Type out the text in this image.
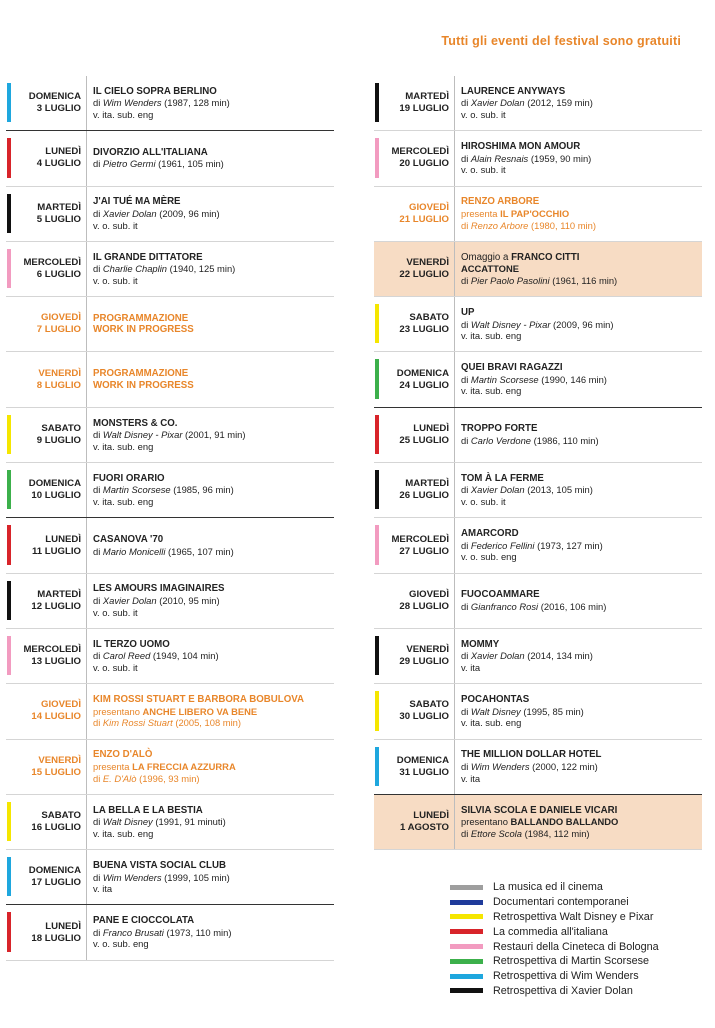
Tutti gli eventi del festival sono gratuiti
DOMENICA
3 LUGLIO
IL CIELO SOPRA BERLINO
di Wim Wenders (1987, 128 min)
v. ita. sub. eng
LUNEDÌ
4 LUGLIO
DIVORZIO ALL'ITALIANA
di Pietro Germi (1961, 105 min)
MARTEDÌ
5 LUGLIO
J'AI TUÉ MA MÈRE
di Xavier Dolan (2009, 96 min)
v. o. sub. it
MERCOLEDÌ
6 LUGLIO
IL GRANDE DITTATORE
di Charlie Chaplin (1940, 125 min)
v. o. sub. it
GIOVEDÌ
7 LUGLIO
PROGRAMMAZIONE
WORK IN PROGRESS
VENERDÌ
8 LUGLIO
PROGRAMMAZIONE
WORK IN PROGRESS
SABATO
9 LUGLIO
MONSTERS & CO.
di Walt Disney - Pixar (2001, 91 min)
v. ita. sub. eng
DOMENICA
10 LUGLIO
FUORI ORARIO
di Martin Scorsese (1985, 96 min)
v. ita. sub. eng
LUNEDÌ
11 LUGLIO
CASANOVA '70
di Mario Monicelli (1965, 107 min)
MARTEDÌ
12 LUGLIO
LES AMOURS IMAGINAIRES
di Xavier Dolan (2010, 95 min)
v. o. sub. it
MERCOLEDÌ
13 LUGLIO
IL TERZO UOMO
di Carol Reed (1949, 104 min)
v. o. sub. it
GIOVEDÌ
14 LUGLIO
KIM ROSSI STUART E BARBORA BOBULOVA
presentano ANCHE LIBERO VA BENE
di Kim Rossi Stuart (2005, 108 min)
VENERDÌ
15 LUGLIO
ENZO D'ALÒ
presenta LA FRECCIA AZZURRA
di E. D'Alò (1996, 93 min)
SABATO
16 LUGLIO
LA BELLA E LA BESTIA
di Walt Disney (1991, 91 minuti)
v. ita. sub. eng
DOMENICA
17 LUGLIO
BUENA VISTA SOCIAL CLUB
di Wim Wenders (1999, 105 min)
v. ita
LUNEDÌ
18 LUGLIO
PANE E CIOCCOLATA
di Franco Brusati (1973, 110 min)
v. o. sub. eng
MARTEDÌ
19 LUGLIO
LAURENCE ANYWAYS
di Xavier Dolan (2012, 159 min)
v. o. sub. it
MERCOLEDÌ
20 LUGLIO
HIROSHIMA MON AMOUR
di Alain Resnais (1959, 90 min)
v. o. sub. it
GIOVEDÌ
21 LUGLIO
RENZO ARBORE
presenta IL PAP'OCCHIO
di Renzo Arbore (1980, 110 min)
VENERDÌ
22 LUGLIO
Omaggio a FRANCO CITTI
ACCATTONE
di Pier Paolo Pasolini (1961, 116 min)
SABATO
23 LUGLIO
UP
di Walt Disney - Pixar (2009, 96 min)
v. ita. sub. eng
DOMENICA
24 LUGLIO
QUEI BRAVI RAGAZZI
di Martin Scorsese (1990, 146 min)
v. ita. sub. eng
LUNEDÌ
25 LUGLIO
TROPPO FORTE
di Carlo Verdone (1986, 110 min)
MARTEDÌ
26 LUGLIO
TOM À LA FERME
di Xavier Dolan (2013, 105 min)
v. o. sub. it
MERCOLEDÌ
27 LUGLIO
AMARCORD
di Federico Fellini (1973, 127 min)
v. o. sub. eng
GIOVEDÌ
28 LUGLIO
FUOCOAMMARE
di Gianfranco Rosi (2016, 106 min)
VENERDÌ
29 LUGLIO
MOMMY
di Xavier Dolan (2014, 134 min)
v. ita
SABATO
30 LUGLIO
POCAHONTAS
di Walt Disney (1995, 85 min)
v. ita. sub. eng
DOMENICA
31 LUGLIO
THE MILLION DOLLAR HOTEL
di Wim Wenders (2000, 122 min)
v. ita
LUNEDÌ
1 AGOSTO
SILVIA SCOLA E DANIELE VICARI
presentano BALLANDO BALLANDO
di Ettore Scola (1984, 112 min)
La musica ed il cinema
Documentari contemporanei
Retrospettiva Walt Disney e Pixar
La commedia all'italiana
Restauri della Cineteca di Bologna
Retrospettiva di Martin Scorsese
Retrospettiva di Wim Wenders
Retrospettiva di Xavier Dolan
